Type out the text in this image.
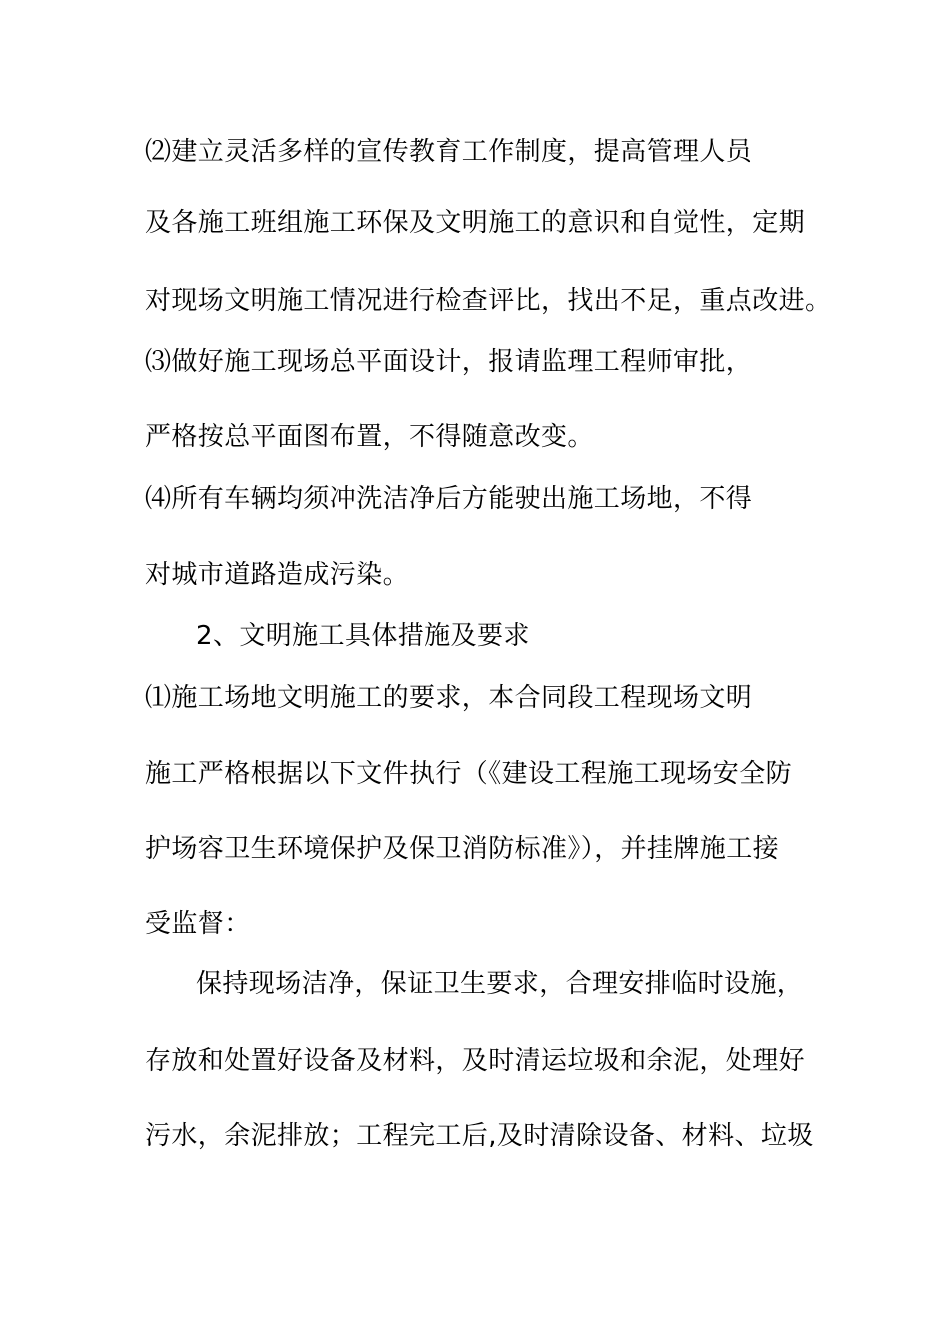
⑵建立灵活多样的宣传教育工作制度，提高管理人员
及各施工班组施工环保及文明施工的意识和自觉性，定期
对现场文明施工情况进行检查评比，找出不足，重点改进。
⑶做好施工现场总平面设计，报请监理工程师审批，
严格按总平面图布置，不得随意改变。
⑷所有车辆均须冲洗洁净后方能驶出施工场地，不得
对城市道路造成污染。
2、文明施工具体措施及要求
⑴施工场地文明施工的要求，本合同段工程现场文明
施工严格根据以下文件执行（《建设工程施工现场安全防
护场容卫生环境保护及保卫消防标准》），并挂牌施工接
受监督：
保持现场洁净，保证卫生要求，合理安排临时设施，
存放和处置好设备及材料，及时清运垃圾和余泥，处理好
污水，余泥排放；工程完工后,及时清除设备、材料、垃圾
